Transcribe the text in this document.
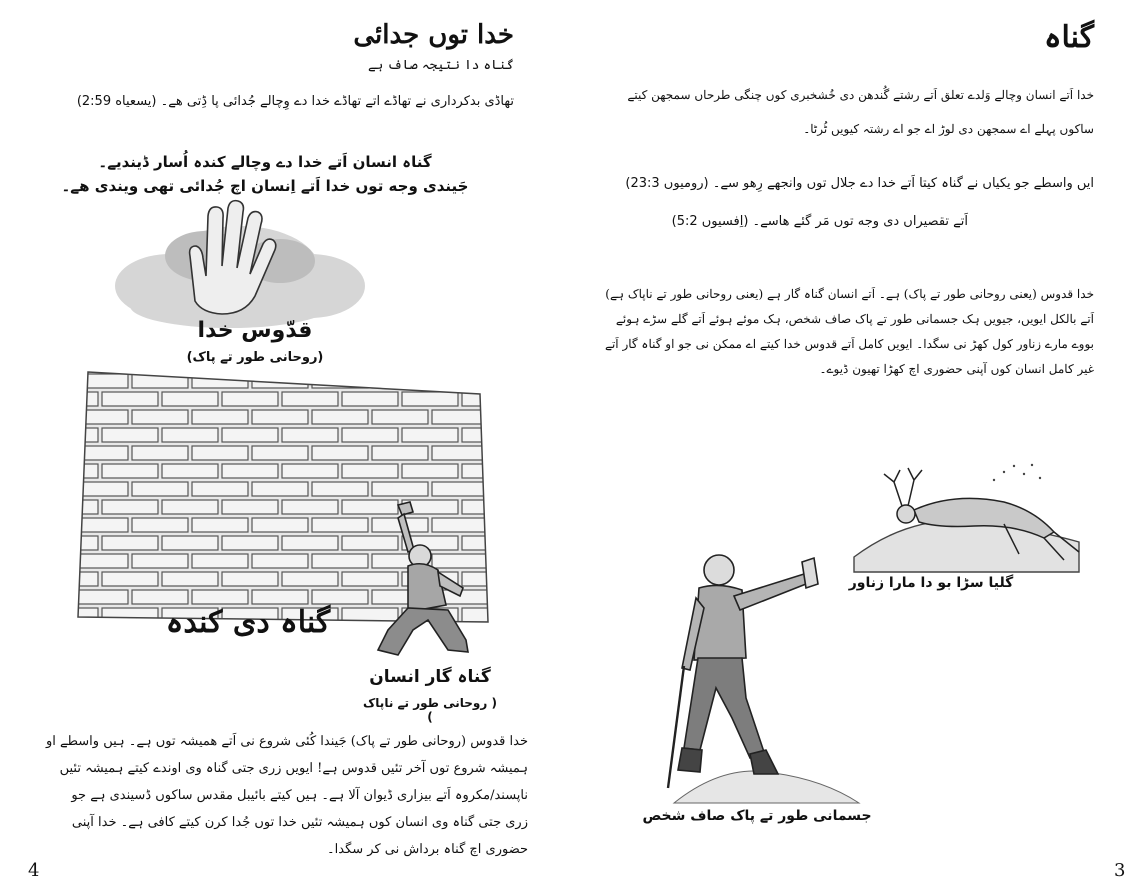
خدا توں جدائی
گناہ دا نتیجہ صاف ہے
تھاڈی بدکرداری نے تھاڈے اتے تھاڈے خدا دے وِچالے جُدائی پا ڈِتی هے۔ (یسعیاه 2:59)
گناہ انسان اَتے خدا دے وچالے کندہ اُسار ڈیندیے۔
جَیندی وجه توں خدا اَتے اِنسان اچ جُدائی تھی ویندی ھے۔
قدّوس خدا
(روحانی طور تے پاک)
گناہ دی کندہ
گناہ گار انسان
( روحانی طور تے ناپاک )
خدا قدوس (روحانی طور تے پاک) جَیندا کُئی شروع نی اَتے ھمیشہ توں ہے۔ ہیں واسطے او ہمیشہ شروع توں آخر تئیں قدوس ہے! ایویں زری جتی گناہ وی اوندے کیتے ہمیشہ تئیں ناپسند/مکروہ اَتے بیزاری ڈیوان آلا ہے۔ ہیں کیتے بائیبل مقدس ساکوں ڈسیندی ہے جو زری جتی گناہ وی انسان کوں ہمیشہ تئیں خدا توں جُدا کرن کیتے کافی ہے۔ خدا آپنی حضوری اچ گناہ برداش نی کر سگدا۔
4
گناہ
خدا اَتے انسان وچالے وَلدے تعلق اَتے رشتے گُندھن دی خُشخبری کوں چنگی طرحاں سمجھن کیتے ساکوں پہلے اے سمجھن دی لوڑ اے جو اے رشتہ کیویں ٹُرٹا۔
ایں واسطے جو یکیاں نے گناہ کیتا اَتے خدا دے جلال توں وانجھے رِھو سے۔ (رومیوں 23:3)
اَتے تقصیراں دی وجه توں مَر گئے هاسے۔ (اِفسیوں 5:2)
خدا قدوس (یعنی روحانی طور تے پاک) ہے۔ اَتے انسان گناہ گار ہے (یعنی روحانی طور تے ناپاک ہے) اَتے بالکل ایویں، جیویں ہک جسمانی طور تے پاک صاف شخص، ہک موئے ہوئے اَتے گلے سڑے ہوئے بووے مارے زناور کول کھڑ نی سگدا۔ ایویں کامل اَتے قدوس خدا کیتے اے ممکن نی جو او گناہ گار اَتے غیر کامل انسان کوں آپنی حضوری اچ کھڑا تھیون ڈیوے۔
گلیا سڑا بو دا مارا زناور
جسمانی طور تے پاک صاف شخص
3
